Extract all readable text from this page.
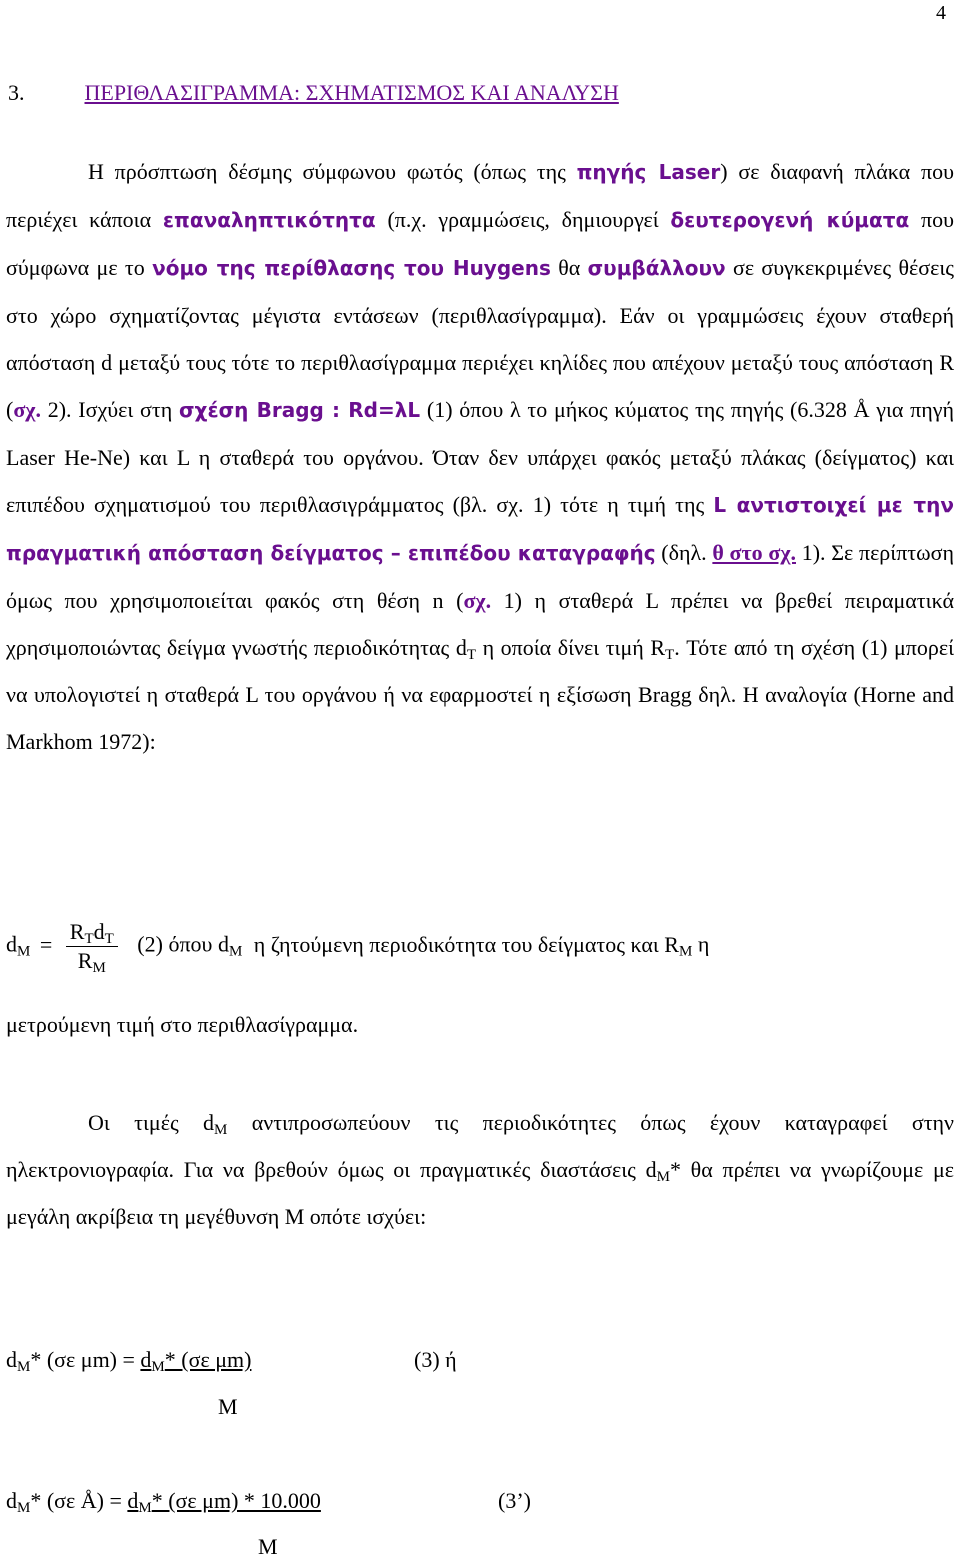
4
3.	ΠΕΡΙΘΛΑΣΙΓΡΑΜΜΑ: ΣΧΗΜΑΤΙΣΜΟΣ ΚΑΙ ΑΝΑΛΥΣΗ
Η πρόσπτωση δέσμης σύμφωνου φωτός (όπως της πηγής Laser) σε διαφανή πλάκα που περιέχει κάποια επαναληπτικότητα (π.χ. γραμμώσεις, δημιουργεί δευτερογενή κύματα που σύμφωνα με το νόμο της περίθλασης του Huygens θα συμβάλλουν σε συγκεκριμένες θέσεις στο χώρο σχηματίζοντας μέγιστα εντάσεων (περιθλασίγραμμα). Εάν οι γραμμώσεις έχουν σταθερή απόσταση d μεταξύ τους τότε το περιθλασίγραμμα περιέχει κηλίδες που απέχουν μεταξύ τους απόσταση R (σχ. 2). Ισχύει στη σχέση Bragg : Rd=λL (1) όπου λ το μήκος κύματος της πηγής (6.328 Å για πηγή Laser He-Ne) και L η σταθερά του οργάνου. Όταν δεν υπάρχει φακός μεταξύ πλάκας (δείγματος) και επιπέδου σχηματισμού του περιθλασιγράμματος (βλ. σχ. 1) τότε η τιμή της L αντιστοιχεί με την πραγματική απόσταση δείγματος – επιπέδου καταγραφής (δηλ. θ στο σχ. 1). Σε περίπτωση όμως που χρησιμοποιείται φακός στη θέση n (σχ. 1) η σταθερά L πρέπει να βρεθεί πειραματικά χρησιμοποιώντας δείγμα γνωστής περιοδικότητας $d_T$ η οποία δίνει τιμή $R_T$. Τότε από τη σχέση (1) μπορεί να υπολογιστεί η σταθερά L του οργάνου ή να εφαρμοστεί η εξίσωση Bragg δηλ. Η αναλογία (Horne and Markhom 1972):
$d_M = \frac{R_Td_T}{R_M} (2)$ όπου $d_M$ η ζητούμενη περιοδικότητα του δείγματος και $R_M$ η
μετρούμενη τιμή στο περιθλασίγραμμα.
Οι τιμές $d_M$ αντιπροσωπεύουν τις περιοδικότητες όπως έχουν καταγραφεί στην ηλεκτρονιογραφία. Για να βρεθούν όμως οι πραγματικές διαστάσεις $d_M*$ θα πρέπει να γνωρίζουμε με μεγάλη ακρίβεια τη μεγέθυνση Μ οπότε ισχύει:
$d_M*$ (σε $\mu m) = d_M*$ (σε μm)	(3) ή
M
$d_M*$ (σε Å) = $d_M*$ (σε μm) * 10.000	(3’)
M
